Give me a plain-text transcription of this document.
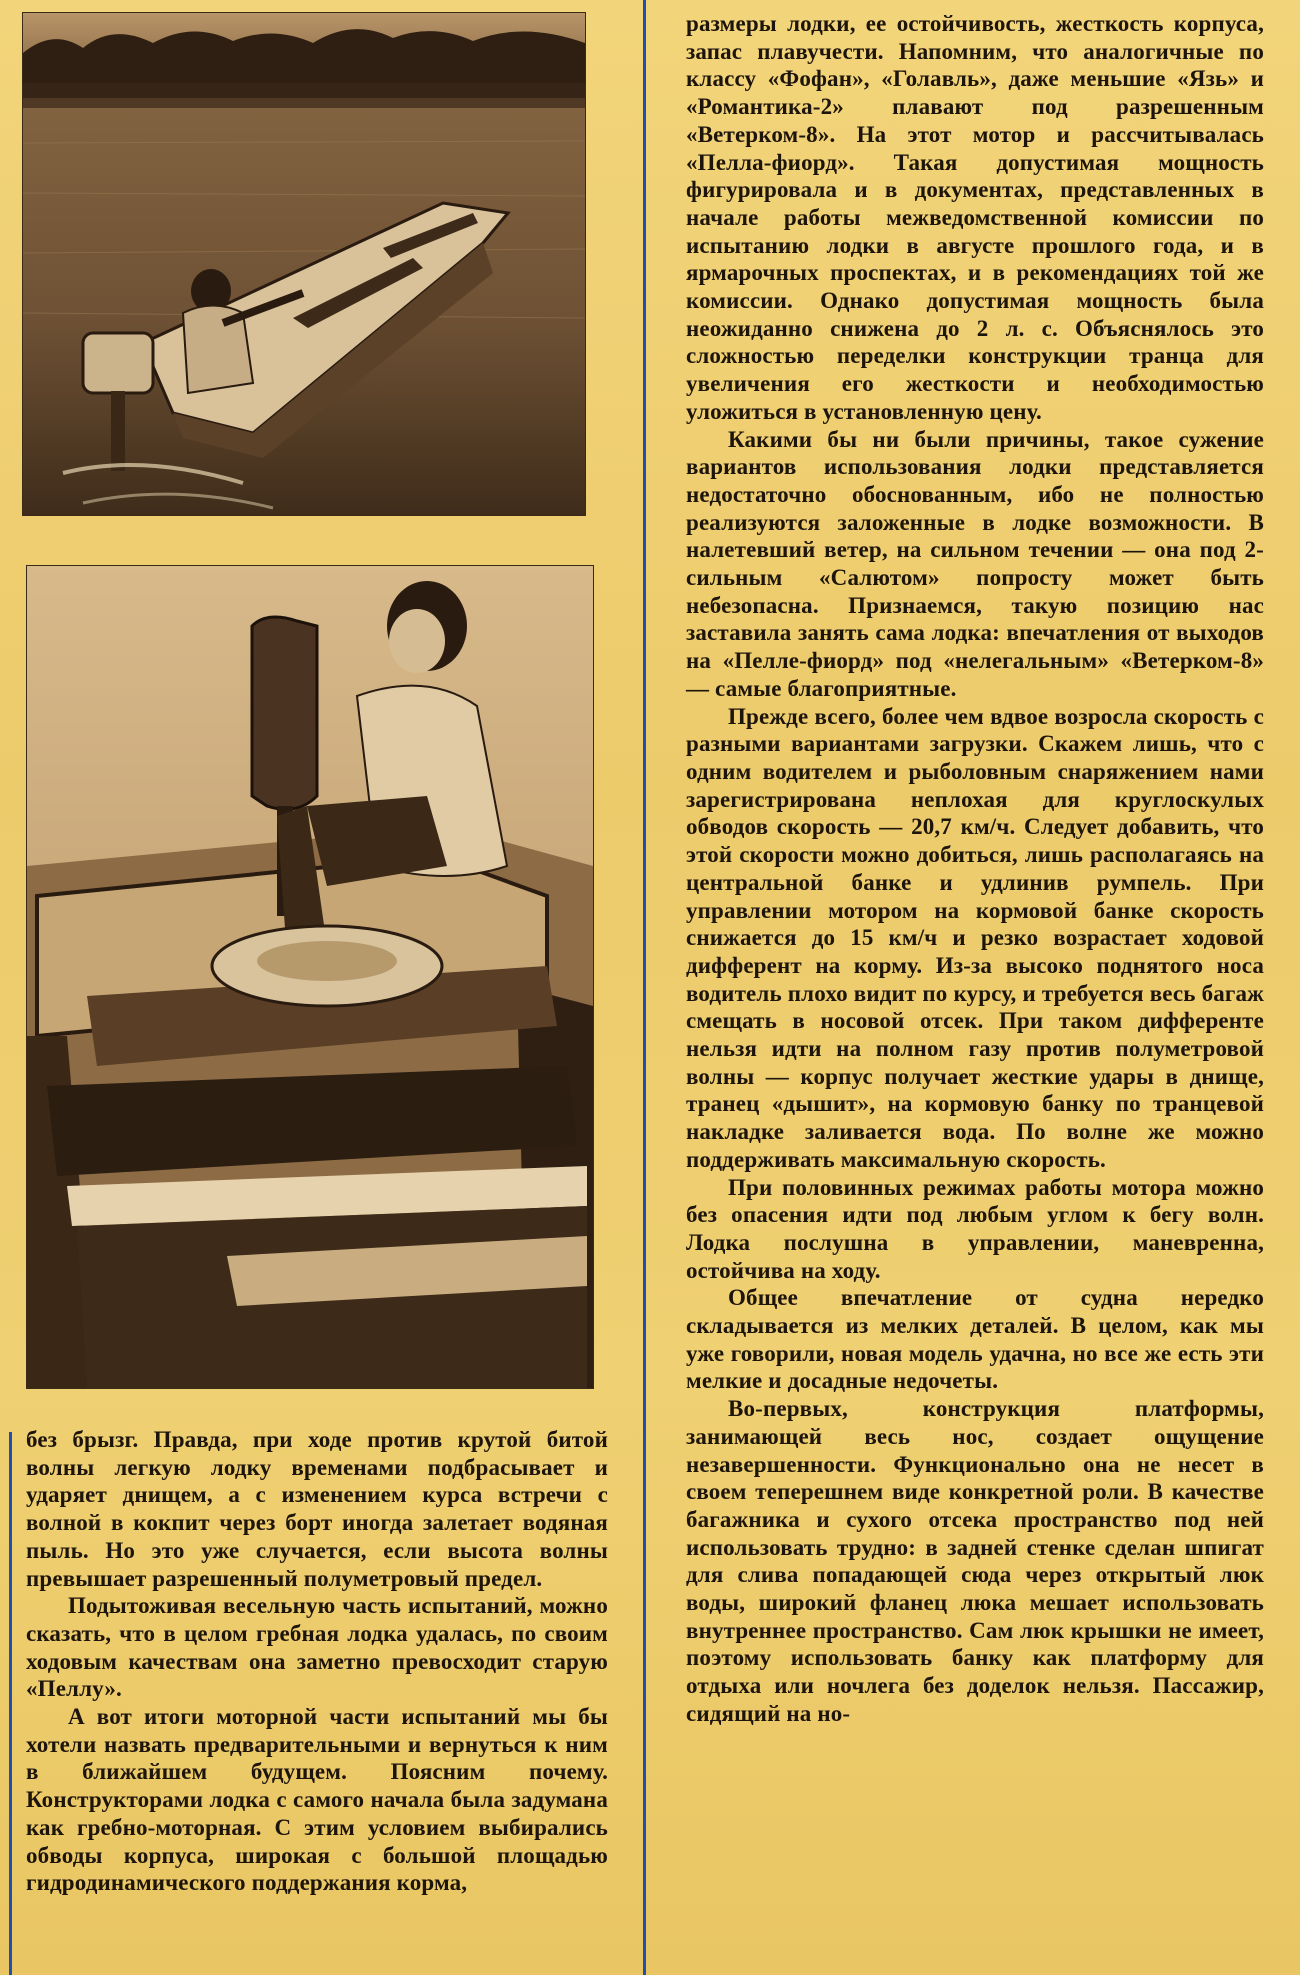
без брызг. Правда, при ходе против крутой битой волны легкую лодку временами подбрасывает и ударяет днищем, а с изменением курса встречи с волной в кокпит через борт иногда залетает водяная пыль. Но это уже случается, если высота волны превышает разрешенный полуметровый предел.

Подытоживая весельную часть испытаний, можно сказать, что в целом гребная лодка удалась, по своим ходовым качествам она заметно превосходит старую «Пеллу».

А вот итоги моторной части испытаний мы бы хотели назвать предварительными и вернуться к ним в ближайшем будущем. Поясним почему. Конструкторами лодка с самого начала была задумана как гребно-моторная. С этим условием выбирались обводы корпуса, широкая с большой площадью гидродинамического поддержания корма,

размеры лодки, ее остойчивость, жесткость корпуса, запас плавучести. Напомним, что аналогичные по классу «Фофан», «Голавль», даже меньшие «Язь» и «Романтика-2» плавают под разрешенным «Ветерком-8». На этот мотор и рассчитывалась «Пелла-фиорд». Такая допустимая мощность фигурировала и в документах, представленных в начале работы межведомственной комиссии по испытанию лодки в августе прошлого года, и в ярмарочных проспектах, и в рекомендациях той же комиссии. Однако допустимая мощность была неожиданно снижена до 2 л. с. Объяснялось это сложностью переделки конструкции транца для увеличения его жесткости и необходимостью уложиться в установленную цену.

Какими бы ни были причины, такое сужение вариантов использования лодки представляется недостаточно обоснованным, ибо не полностью реализуются заложенные в лодке возможности. В налетевший ветер, на сильном течении — она под 2-сильным «Салютом» попросту может быть небезопасна. Признаемся, такую позицию нас заставила занять сама лодка: впечатления от выходов на «Пелле-фиорд» под «нелегальным» «Ветерком-8» — самые благоприятные.

Прежде всего, более чем вдвое возросла скорость с разными вариантами загрузки. Скажем лишь, что с одним водителем и рыболовным снаряжением нами зарегистрирована неплохая для круглоскулых обводов скорость — 20,7 км/ч. Следует добавить, что этой скорости можно добиться, лишь располагаясь на центральной банке и удлинив румпель. При управлении мотором на кормовой банке скорость снижается до 15 км/ч и резко возрастает ходовой дифферент на корму. Из-за высоко поднятого носа водитель плохо видит по курсу, и требуется весь багаж смещать в носовой отсек. При таком дифференте нельзя идти на полном газу против полуметровой волны — корпус получает жесткие удары в днище, транец «дышит», на кормовую банку по транцевой накладке заливается вода. По волне же можно поддерживать максимальную скорость.

При половинных режимах работы мотора можно без опасения идти под любым углом к бегу волн. Лодка послушна в управлении, маневренна, остойчива на ходу.

Общее впечатление от судна нередко складывается из мелких деталей. В целом, как мы уже говорили, новая модель удачна, но все же есть эти мелкие и досадные недочеты.

Во-первых, конструкция платформы, занимающей весь нос, создает ощущение незавершенности. Функционально она не несет в своем теперешнем виде конкретной роли. В качестве багажника и сухого отсека пространство под ней использовать трудно: в задней стенке сделан шпигат для слива попадающей сюда через открытый люк воды, широкий фланец люка мешает использовать внутреннее пространство. Сам люк крышки не имеет, поэтому использовать банку как платформу для отдыха или ночлега без доделок нельзя. Пассажир, сидящий на но-
